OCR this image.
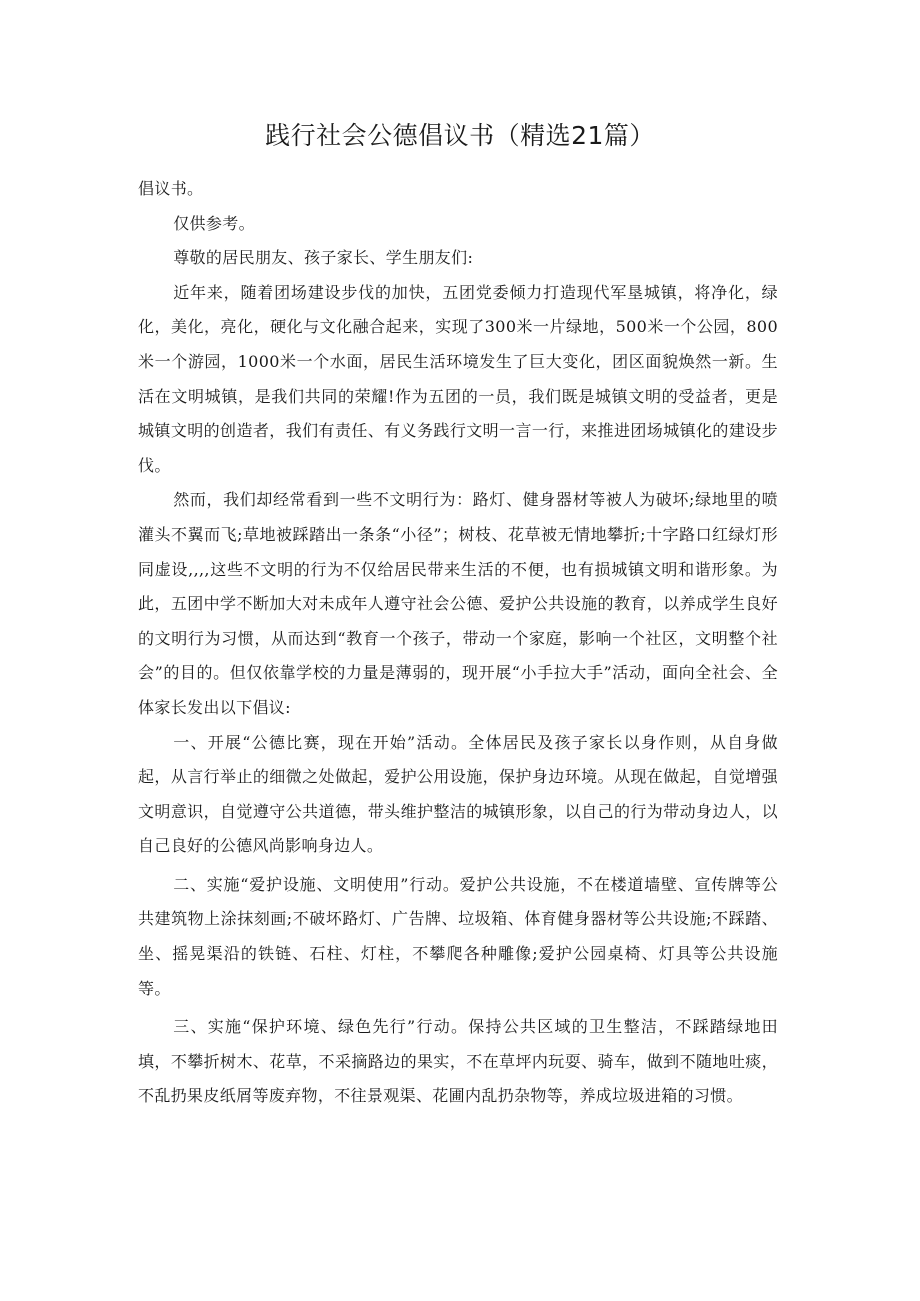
践行社会公德倡议书（精选21篇）

倡议书。

仅供参考。

尊敬的居民朋友、孩子家长、学生朋友们:

近年来，随着团场建设步伐的加快，五团党委倾力打造现代军垦城镇，将净化，绿化，美化，亮化，硬化与文化融合起来，实现了300米一片绿地，500米一个公园，800米一个游园，1000米一个水面，居民生活环境发生了巨大变化，团区面貌焕然一新。生活在文明城镇，是我们共同的荣耀!作为五团的一员，我们既是城镇文明的受益者，更是城镇文明的创造者，我们有责任、有义务践行文明一言一行，来推进团场城镇化的建设步伐。

然而，我们却经常看到一些不文明行为：路灯、健身器材等被人为破坏;绿地里的喷灌头不翼而飞;草地被踩踏出一条条“小径”；树枝、花草被无情地攀折;十字路口红绿灯形同虚设,,,,这些不文明的行为不仅给居民带来生活的不便，也有损城镇文明和谐形象。为此，五团中学不断加大对未成年人遵守社会公德、爱护公共设施的教育，以养成学生良好的文明行为习惯，从而达到“教育一个孩子，带动一个家庭，影响一个社区，文明整个社会”的目的。但仅依靠学校的力量是薄弱的，现开展“小手拉大手”活动，面向全社会、全体家长发出以下倡议:

一、开展“公德比赛，现在开始”活动。全体居民及孩子家长以身作则，从自身做起，从言行举止的细微之处做起，爱护公用设施，保护身边环境。从现在做起，自觉增强文明意识，自觉遵守公共道德，带头维护整洁的城镇形象，以自己的行为带动身边人，以自己良好的公德风尚影响身边人。

二、实施“爱护设施、文明使用”行动。爱护公共设施，不在楼道墙壁、宣传牌等公共建筑物上涂抹刻画;不破坏路灯、广告牌、垃圾箱、体育健身器材等公共设施;不踩踏、坐、摇晃渠沿的铁链、石柱、灯柱，不攀爬各种雕像;爱护公园桌椅、灯具等公共设施等。

三、实施“保护环境、绿色先行”行动。保持公共区域的卫生整洁，不踩踏绿地田填，不攀折树木、花草，不采摘路边的果实，不在草坪内玩耍、骑车，做到不随地吐痰，不乱扔果皮纸屑等废弃物，不往景观渠、花圃内乱扔杂物等，养成垃圾进箱的习惯。
